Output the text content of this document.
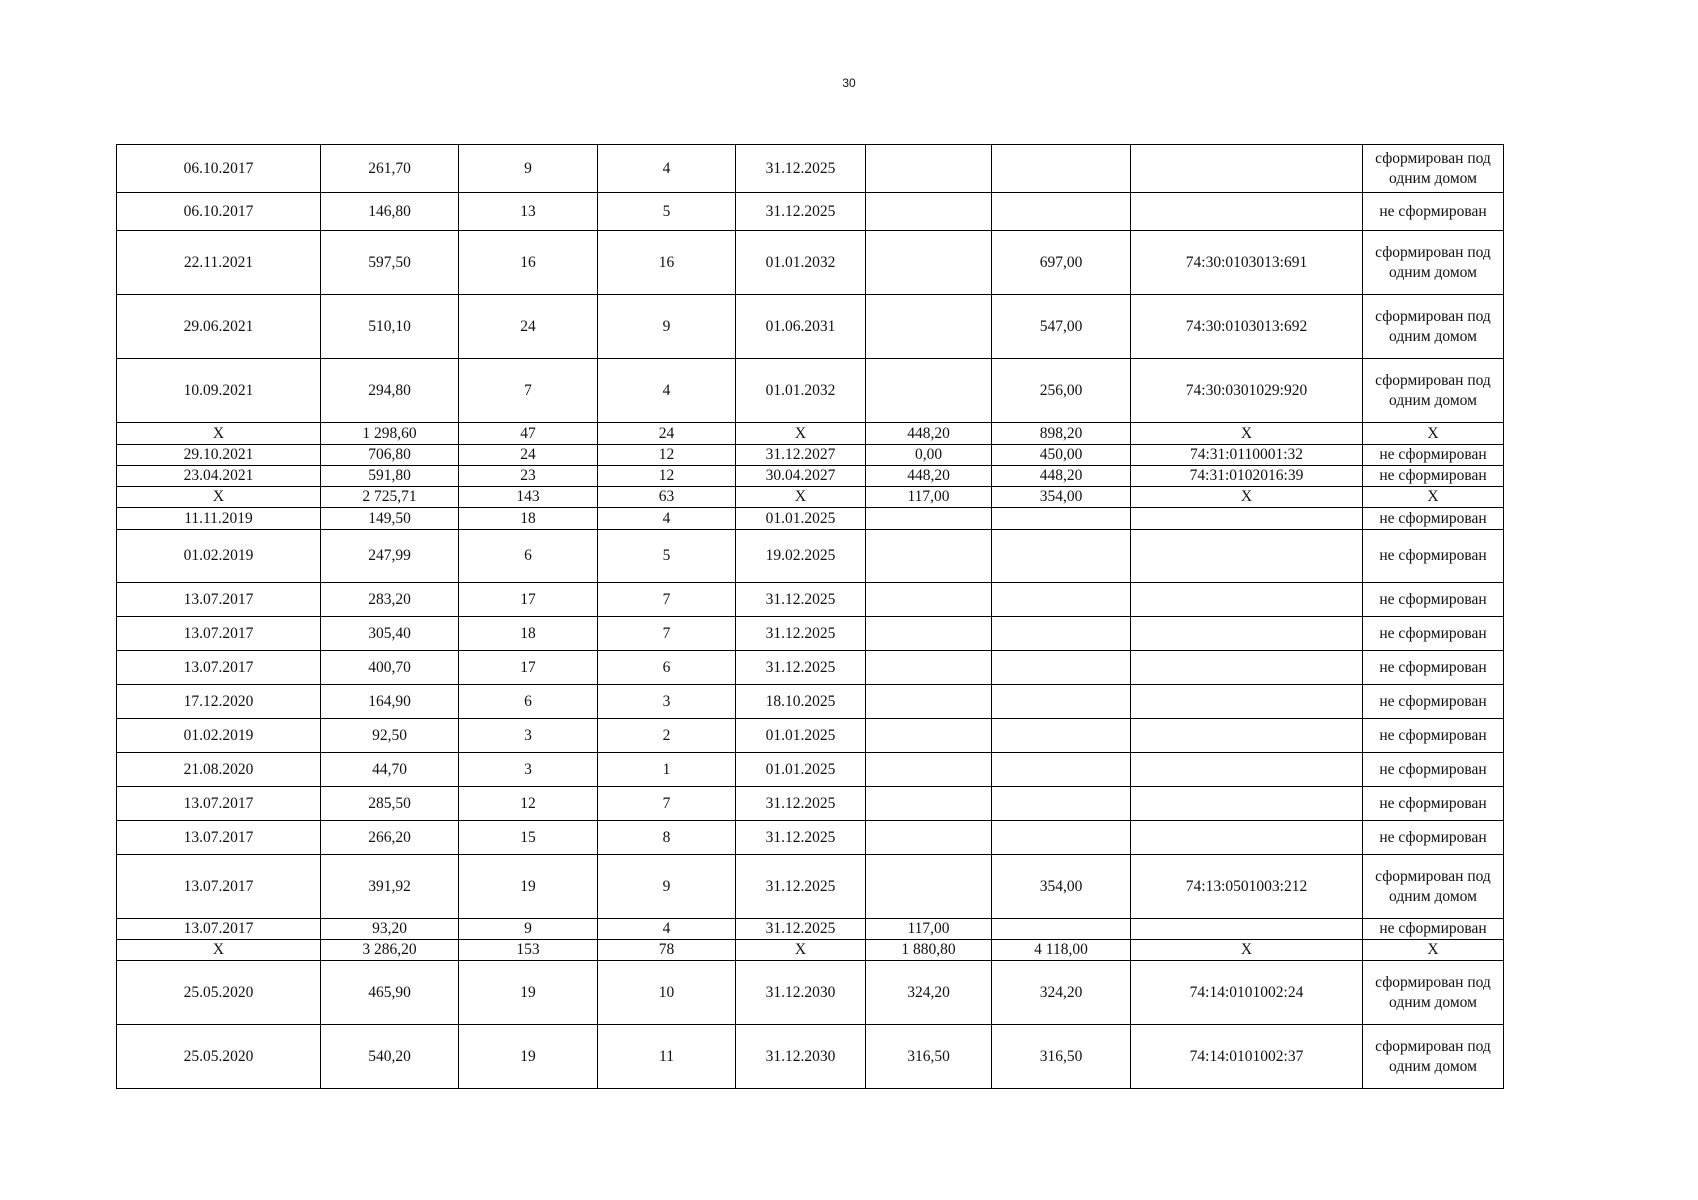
30
06.10.2017	261,70	9	4	31.12.2025				сформирован под одним домом
06.10.2017	146,80	13	5	31.12.2025				не сформирован
22.11.2021	597,50	16	16	01.01.2032		697,00	74:30:0103013:691	сформирован под одним домом
29.06.2021	510,10	24	9	01.06.2031		547,00	74:30:0103013:692	сформирован под одним домом
10.09.2021	294,80	7	4	01.01.2032		256,00	74:30:0301029:920	сформирован под одним домом
Х	1 298,60	47	24	Х	448,20	898,20	Х	Х
29.10.2021	706,80	24	12	31.12.2027	0,00	450,00	74:31:0110001:32	не сформирован
23.04.2021	591,80	23	12	30.04.2027	448,20	448,20	74:31:0102016:39	не сформирован
Х	2 725,71	143	63	Х	117,00	354,00	Х	Х
11.11.2019	149,50	18	4	01.01.2025				не сформирован
01.02.2019	247,99	6	5	19.02.2025				не сформирован
13.07.2017	283,20	17	7	31.12.2025				не сформирован
13.07.2017	305,40	18	7	31.12.2025				не сформирован
13.07.2017	400,70	17	6	31.12.2025				не сформирован
17.12.2020	164,90	6	3	18.10.2025				не сформирован
01.02.2019	92,50	3	2	01.01.2025				не сформирован
21.08.2020	44,70	3	1	01.01.2025				не сформирован
13.07.2017	285,50	12	7	31.12.2025				не сформирован
13.07.2017	266,20	15	8	31.12.2025				не сформирован
13.07.2017	391,92	19	9	31.12.2025		354,00	74:13:0501003:212	сформирован под одним домом
13.07.2017	93,20	9	4	31.12.2025	117,00			не сформирован
Х	3 286,20	153	78	Х	1 880,80	4 118,00	Х	Х
25.05.2020	465,90	19	10	31.12.2030	324,20	324,20	74:14:0101002:24	сформирован под одним домом
25.05.2020	540,20	19	11	31.12.2030	316,50	316,50	74:14:0101002:37	сформирован под одним домом
